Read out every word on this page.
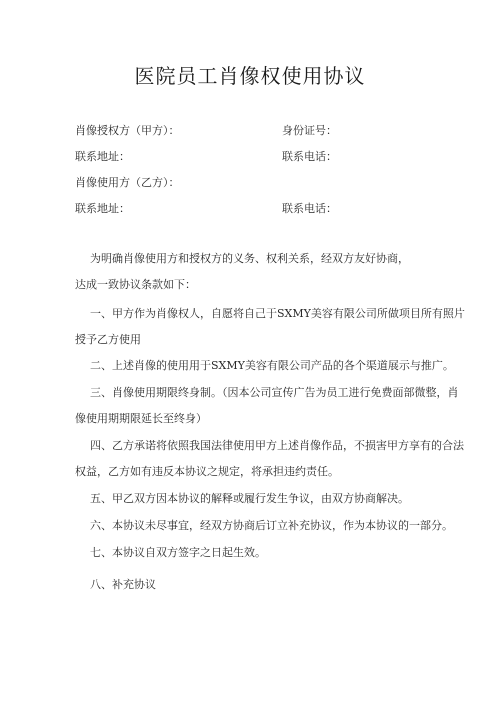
医院员工肖像权使用协议
肖像授权方（甲方）：	身份证号：
联系地址：	联系电话：
肖像使用方（乙方）：
联系地址：	联系电话：
为明确肖像使用方和授权方的义务、权利关系，经双方友好协商，
达成一致协议条款如下：
一、甲方作为肖像权人，自愿将自己于SXMY美容有限公司所做项目所有照片
授予乙方使用
二、上述肖像的使用用于SXMY美容有限公司产品的各个渠道展示与推广。
三、肖像使用期限终身制。（因本公司宣传广告为员工进行免费面部微整，肖
像使用期期限延长至终身）
四、乙方承诺将依照我国法律使用甲方上述肖像作品，不损害甲方享有的合法
权益，乙方如有违反本协议之规定，将承担违约责任。
五、甲乙双方因本协议的解释或履行发生争议，由双方协商解决。
六、本协议未尽事宜，经双方协商后订立补充协议，作为本协议的一部分。
七、本协议自双方签字之日起生效。
八、补充协议
